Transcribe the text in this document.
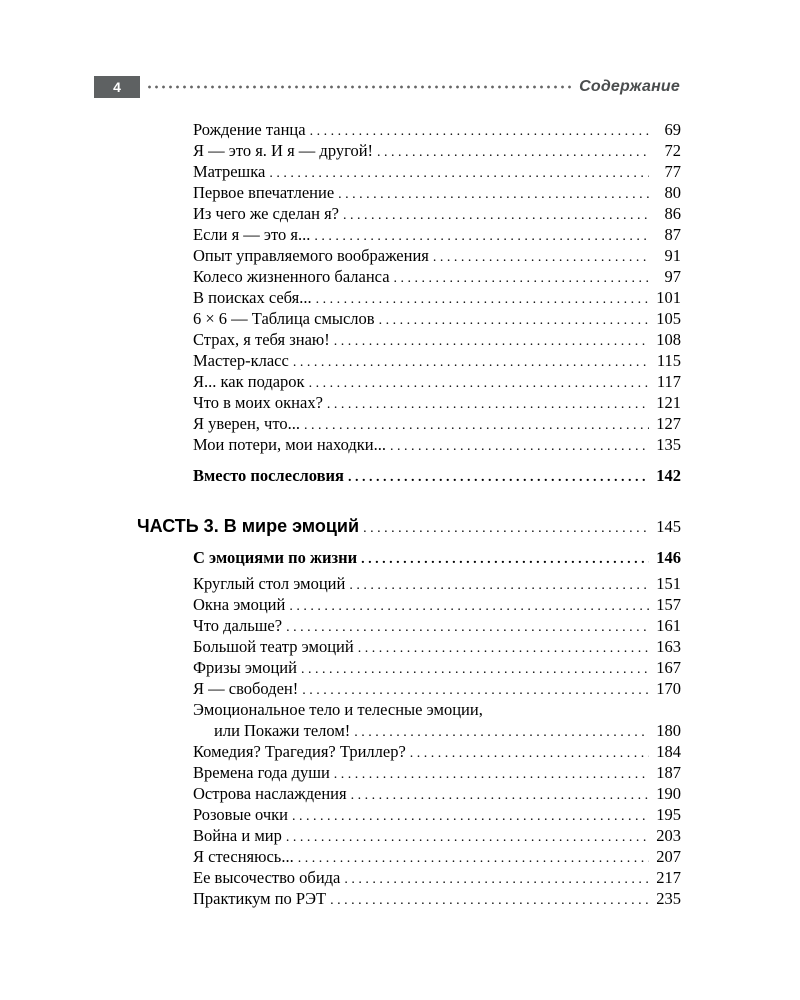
4	Содержание
Рождение танца . . .	69
Я — это я. И я — другой! . . .	72
Матрешка . . .	77
Первое впечатление . . .	80
Из чего же сделан я? . . .	86
Если я — это я... . . .	87
Опыт управляемого воображения . . .	91
Колесо жизненного баланса . . .	97
В поисках себя... . . .	101
6 × 6 — Таблица смыслов . . .	105
Страх, я тебя знаю! . . .	108
Мастер-класс . . .	115
Я... как подарок . . .	117
Что в моих окнах? . . .	121
Я уверен, что... . . .	127
Мои потери, мои находки... . . .	135
Вместо послесловия . . .	142
ЧАСТЬ 3. В мире эмоций . . .	145
С эмоциями по жизни . . .	146
Круглый стол эмоций . . .	151
Окна эмоций . . .	157
Что дальше? . . .	161
Большой театр эмоций . . .	163
Фризы эмоций . . .	167
Я — свободен! . . .	170
Эмоциональное тело и телесные эмоции,
или Покажи телом! . . .	180
Комедия? Трагедия? Триллер? . . .	184
Времена года души . . .	187
Острова наслаждения . . .	190
Розовые очки . . .	195
Война и мир . . .	203
Я стесняюсь... . . .	207
Ее высочество обида . . .	217
Практикум по РЭТ . . .	235
